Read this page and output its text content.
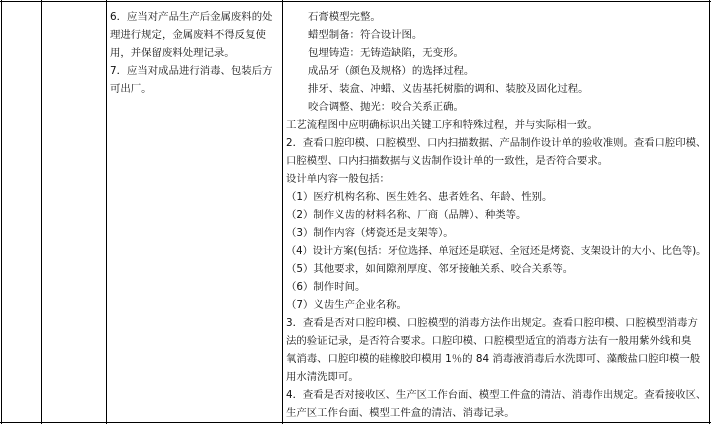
6．应当对产品生产后金属废料的处
理进行规定，金属废料不得反复使
用，并保留废料处理记录。
7．应当对成品进行消毒、包装后方
可出厂。
石膏模型完整。
蜡型制备：符合设计图。
包埋铸造：无铸造缺陷，无变形。
成品牙（颜色及规格）的选择过程。
排牙、装盒、冲蜡、义齿基托树脂的调和、装胶及固化过程。
咬合调整、抛光：咬合关系正确。
工艺流程图中应明确标识出关键工序和特殊过程，并与实际相一致。
2．查看口腔印模、口腔模型、口内扫描数据、产品制作设计单的验收准则。查看口腔印模、
口腔模型、口内扫描数据与义齿制作设计单的一致性，是否符合要求。
设计单内容一般包括：
（1）医疗机构名称、医生姓名、患者姓名、年龄、性别。
（2）制作义齿的材料名称、厂商（品牌）、种类等。
（3）制作内容（烤瓷还是支架等）。
（4）设计方案(包括：牙位选择、单冠还是联冠、全冠还是烤瓷、支架设计的大小、比色等)。
（5）其他要求，如间隙剂厚度、邻牙接触关系、咬合关系等。
（6）制作时间。
（7）义齿生产企业名称。
3．查看是否对口腔印模、口腔模型的消毒方法作出规定。查看口腔印模、口腔模型消毒方
法的验证记录，是否符合要求。口腔印模、口腔模型适宜的消毒方法有一般用紫外线和臭
氧消毒、口腔印模的硅橡胶印模用 1％的 84 消毒液消毒后水洗即可、藻酸盐口腔印模一般
用水清洗即可。
4．查看是否对接收区、生产区工作台面、模型工件盒的清洁、消毒作出规定。查看接收区、
生产区工作台面、模型工件盒的清洁、消毒记录。
